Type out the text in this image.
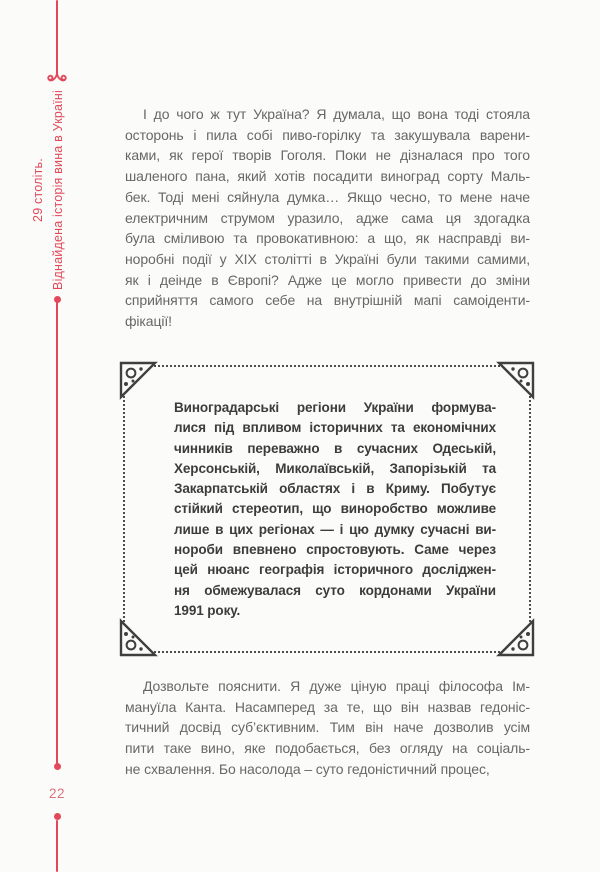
Віднайдена історія вина в Україні
29 століть.
22
І до чого ж тут Україна? Я думала, що вона тоді стояла
осторонь і пила собі пиво-горілку та закушувала варени-
ками, як герої творів Гоголя. Поки не дізналася про того
шаленого пана, який хотів посадити виноград сорту Маль-
бек. Тоді мені сяйнула думка… Якщо чесно, то мене наче
електричним струмом уразило, адже сама ця здогадка
була сміливою та провокативною: а що, як насправді ви-
норобні події у XIX столітті в Україні були такими самими,
як і деінде в Європі? Адже це могло привести до зміни
сприйняття самого себе на внутрішній мапі самоіденти-
фікації!
Виноградарські регіони України формува-
лися під впливом історичних та економічних
чинників переважно в сучасних Одеській,
Херсонській, Миколаївській, Запорізькій та
Закарпатській областях і в Криму. Побутує
стійкий стереотип, що виноробство можливе
лише в цих регіонах — і цю думку сучасні ви-
нороби впевнено спростовують. Саме через
цей нюанс географія історичного досліджен-
ня обмежувалася суто кордонами України
1991 року.
Дозвольте пояснити. Я дуже ціную праці філософа Ім-
мануїла Канта. Насамперед за те, що він назвав гедоніс-
тичний досвід суб’єктивним. Тим він наче дозволив усім
пити таке вино, яке подобається, без огляду на соціаль-
не схвалення. Бо насолода – суто гедоністичний процес,
